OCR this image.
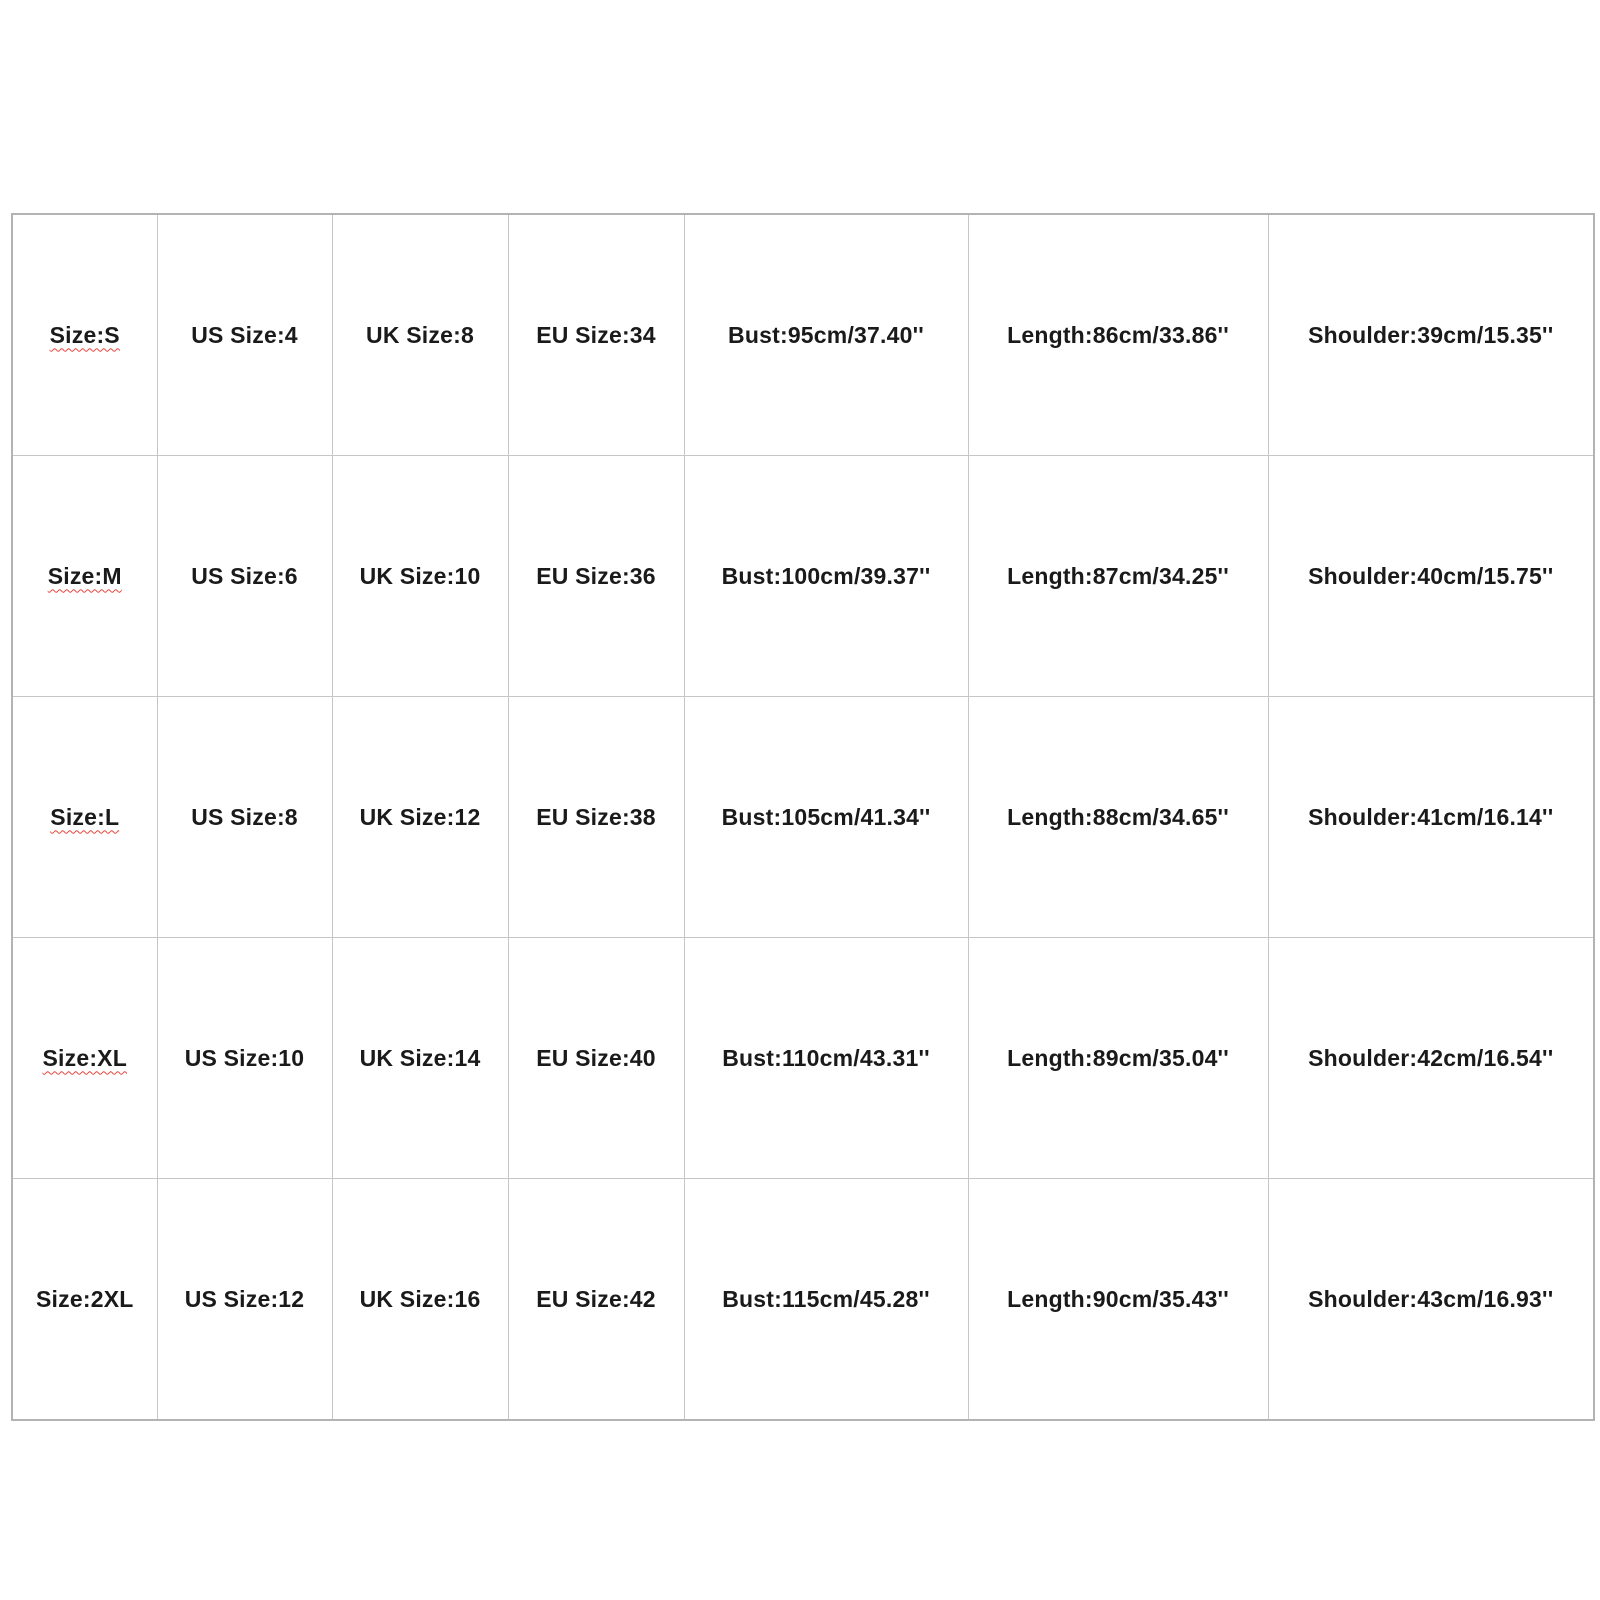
Size:S	US Size:4	UK Size:8	EU Size:34	Bust:95cm/37.40''	Length:86cm/33.86''	Shoulder:39cm/15.35''
Size:M	US Size:6	UK Size:10	EU Size:36	Bust:100cm/39.37''	Length:87cm/34.25''	Shoulder:40cm/15.75''
Size:L	US Size:8	UK Size:12	EU Size:38	Bust:105cm/41.34''	Length:88cm/34.65''	Shoulder:41cm/16.14''
Size:XL	US Size:10	UK Size:14	EU Size:40	Bust:110cm/43.31''	Length:89cm/35.04''	Shoulder:42cm/16.54''
Size:2XL	US Size:12	UK Size:16	EU Size:42	Bust:115cm/45.28''	Length:90cm/35.43''	Shoulder:43cm/16.93''
